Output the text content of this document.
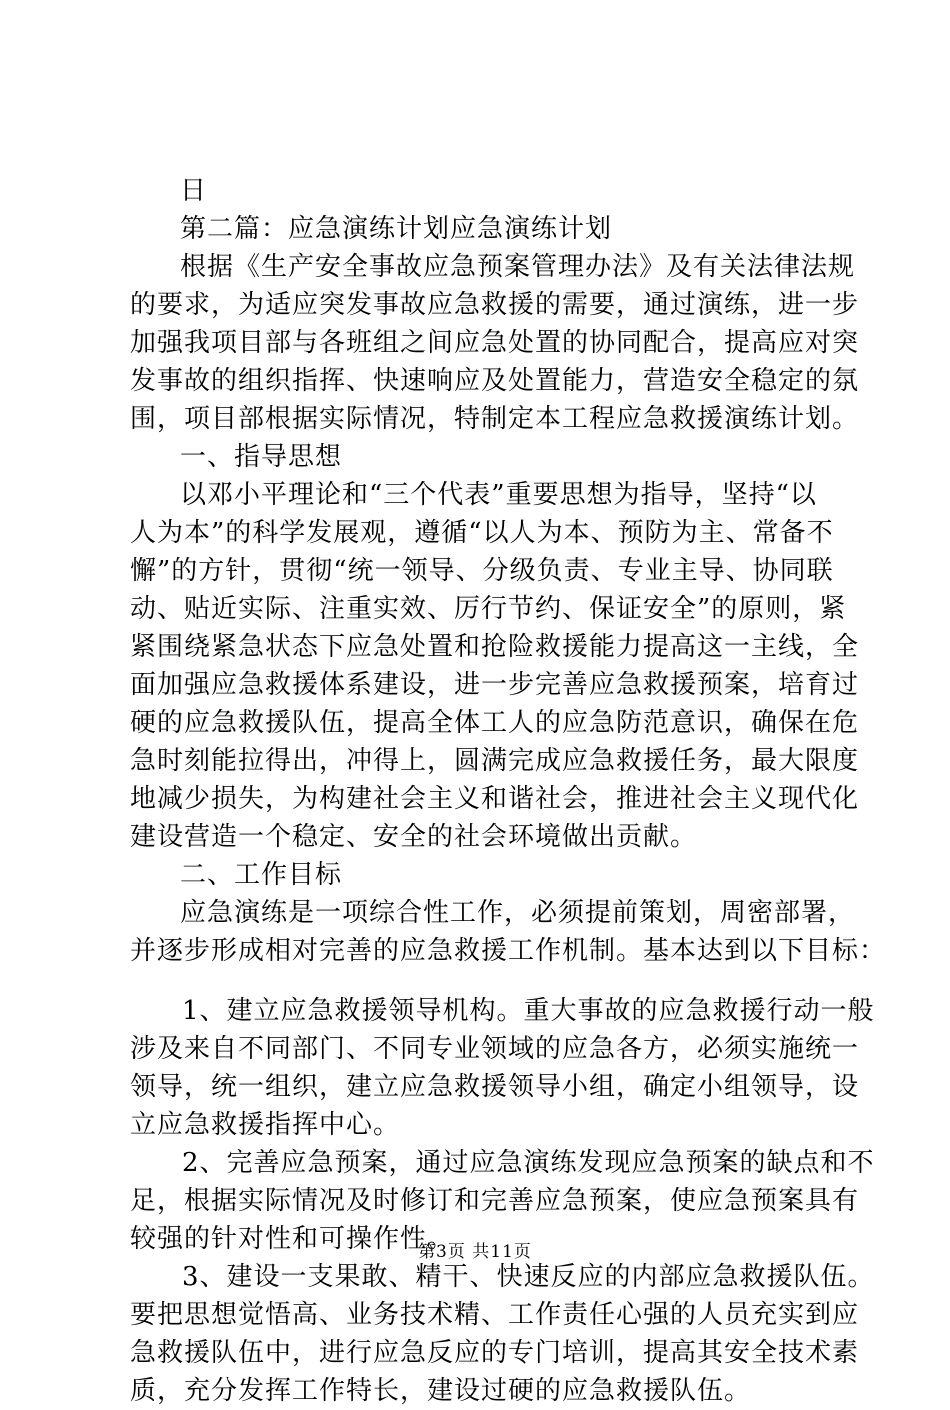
日
第二篇：应急演练计划应急演练计划
根据《生产安全事故应急预案管理办法》及有关法律法规
的要求，为适应突发事故应急救援的需要，通过演练，进一步
加强我项目部与各班组之间应急处置的协同配合，提高应对突
发事故的组织指挥、快速响应及处置能力，营造安全稳定的氛
围，项目部根据实际情况，特制定本工程应急救援演练计划。
一、指导思想
以邓小平理论和“三个代表”重要思想为指导，坚持“以
人为本”的科学发展观，遵循“以人为本、预防为主、常备不
懈”的方针，贯彻“统一领导、分级负责、专业主导、协同联
动、贴近实际、注重实效、厉行节约、保证安全”的原则，紧
紧围绕紧急状态下应急处置和抢险救援能力提高这一主线，全
面加强应急救援体系建设，进一步完善应急救援预案，培育过
硬的应急救援队伍，提高全体工人的应急防范意识，确保在危
急时刻能拉得出，冲得上，圆满完成应急救援任务，最大限度
地减少损失，为构建社会主义和谐社会，推进社会主义现代化
建设营造一个稳定、安全的社会环境做出贡献。
二、工作目标
应急演练是一项综合性工作，必须提前策划，周密部署，
并逐步形成相对完善的应急救援工作机制。基本达到以下目标：
1、建立应急救援领导机构。重大事故的应急救援行动一般
涉及来自不同部门、不同专业领域的应急各方，必须实施统一
领导，统一组织，建立应急救援领导小组，确定小组领导，设
立应急救援指挥中心。
2、完善应急预案，通过应急演练发现应急预案的缺点和不
足，根据实际情况及时修订和完善应急预案，使应急预案具有
较强的针对性和可操作性。
3、建设一支果敢、精干、快速反应的内部应急救援队伍。
要把思想觉悟高、业务技术精、工作责任心强的人员充实到应
急救援队伍中，进行应急反应的专门培训，提高其安全技术素
质，充分发挥工作特长，建设过硬的应急救援队伍。
第3页 共11页
